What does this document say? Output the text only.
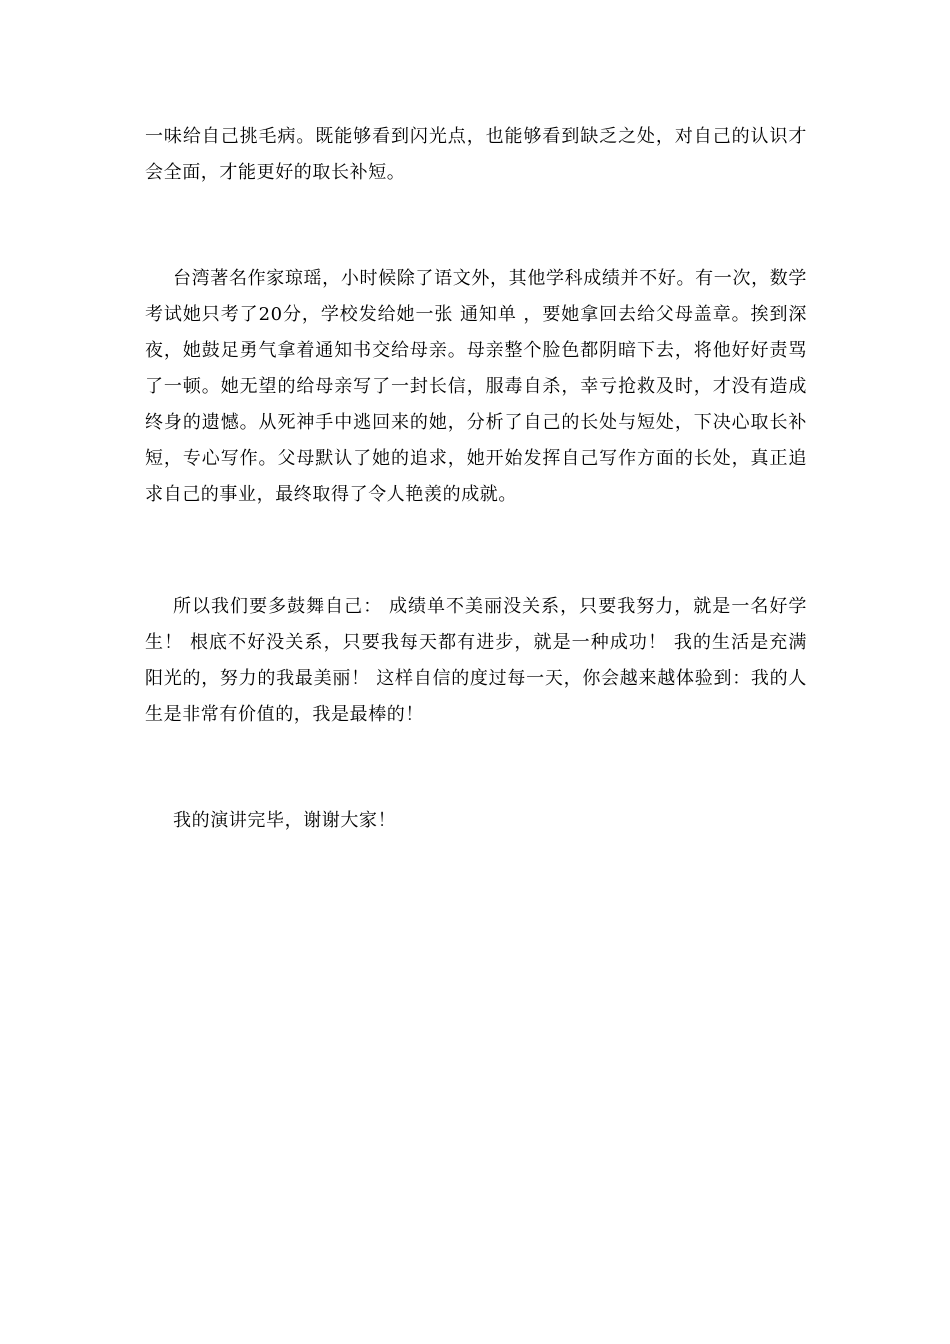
一味给自己挑毛病。既能够看到闪光点，也能够看到缺乏之处，对自己的认识才会全面，才能更好的取长补短。

台湾著名作家琼瑶，小时候除了语文外，其他学科成绩并不好。有一次，数学考试她只考了20分，学校发给她一张 通知单 ，要她拿回去给父母盖章。挨到深夜，她鼓足勇气拿着通知书交给母亲。母亲整个脸色都阴暗下去，将他好好责骂了一顿。她无望的给母亲写了一封长信，服毒自杀，幸亏抢救及时，才没有造成终身的遗憾。从死神手中逃回来的她，分析了自己的长处与短处，下决心取长补短，专心写作。父母默认了她的追求，她开始发挥自己写作方面的长处，真正追求自己的事业，最终取得了令人艳羡的成就。

所以我们要多鼓舞自己： 成绩单不美丽没关系，只要我努力，就是一名好学生！ 根底不好没关系，只要我每天都有进步，就是一种成功！ 我的生活是充满阳光的，努力的我最美丽！ 这样自信的度过每一天，你会越来越体验到：我的人生是非常有价值的，我是最棒的！

我的演讲完毕，谢谢大家！
